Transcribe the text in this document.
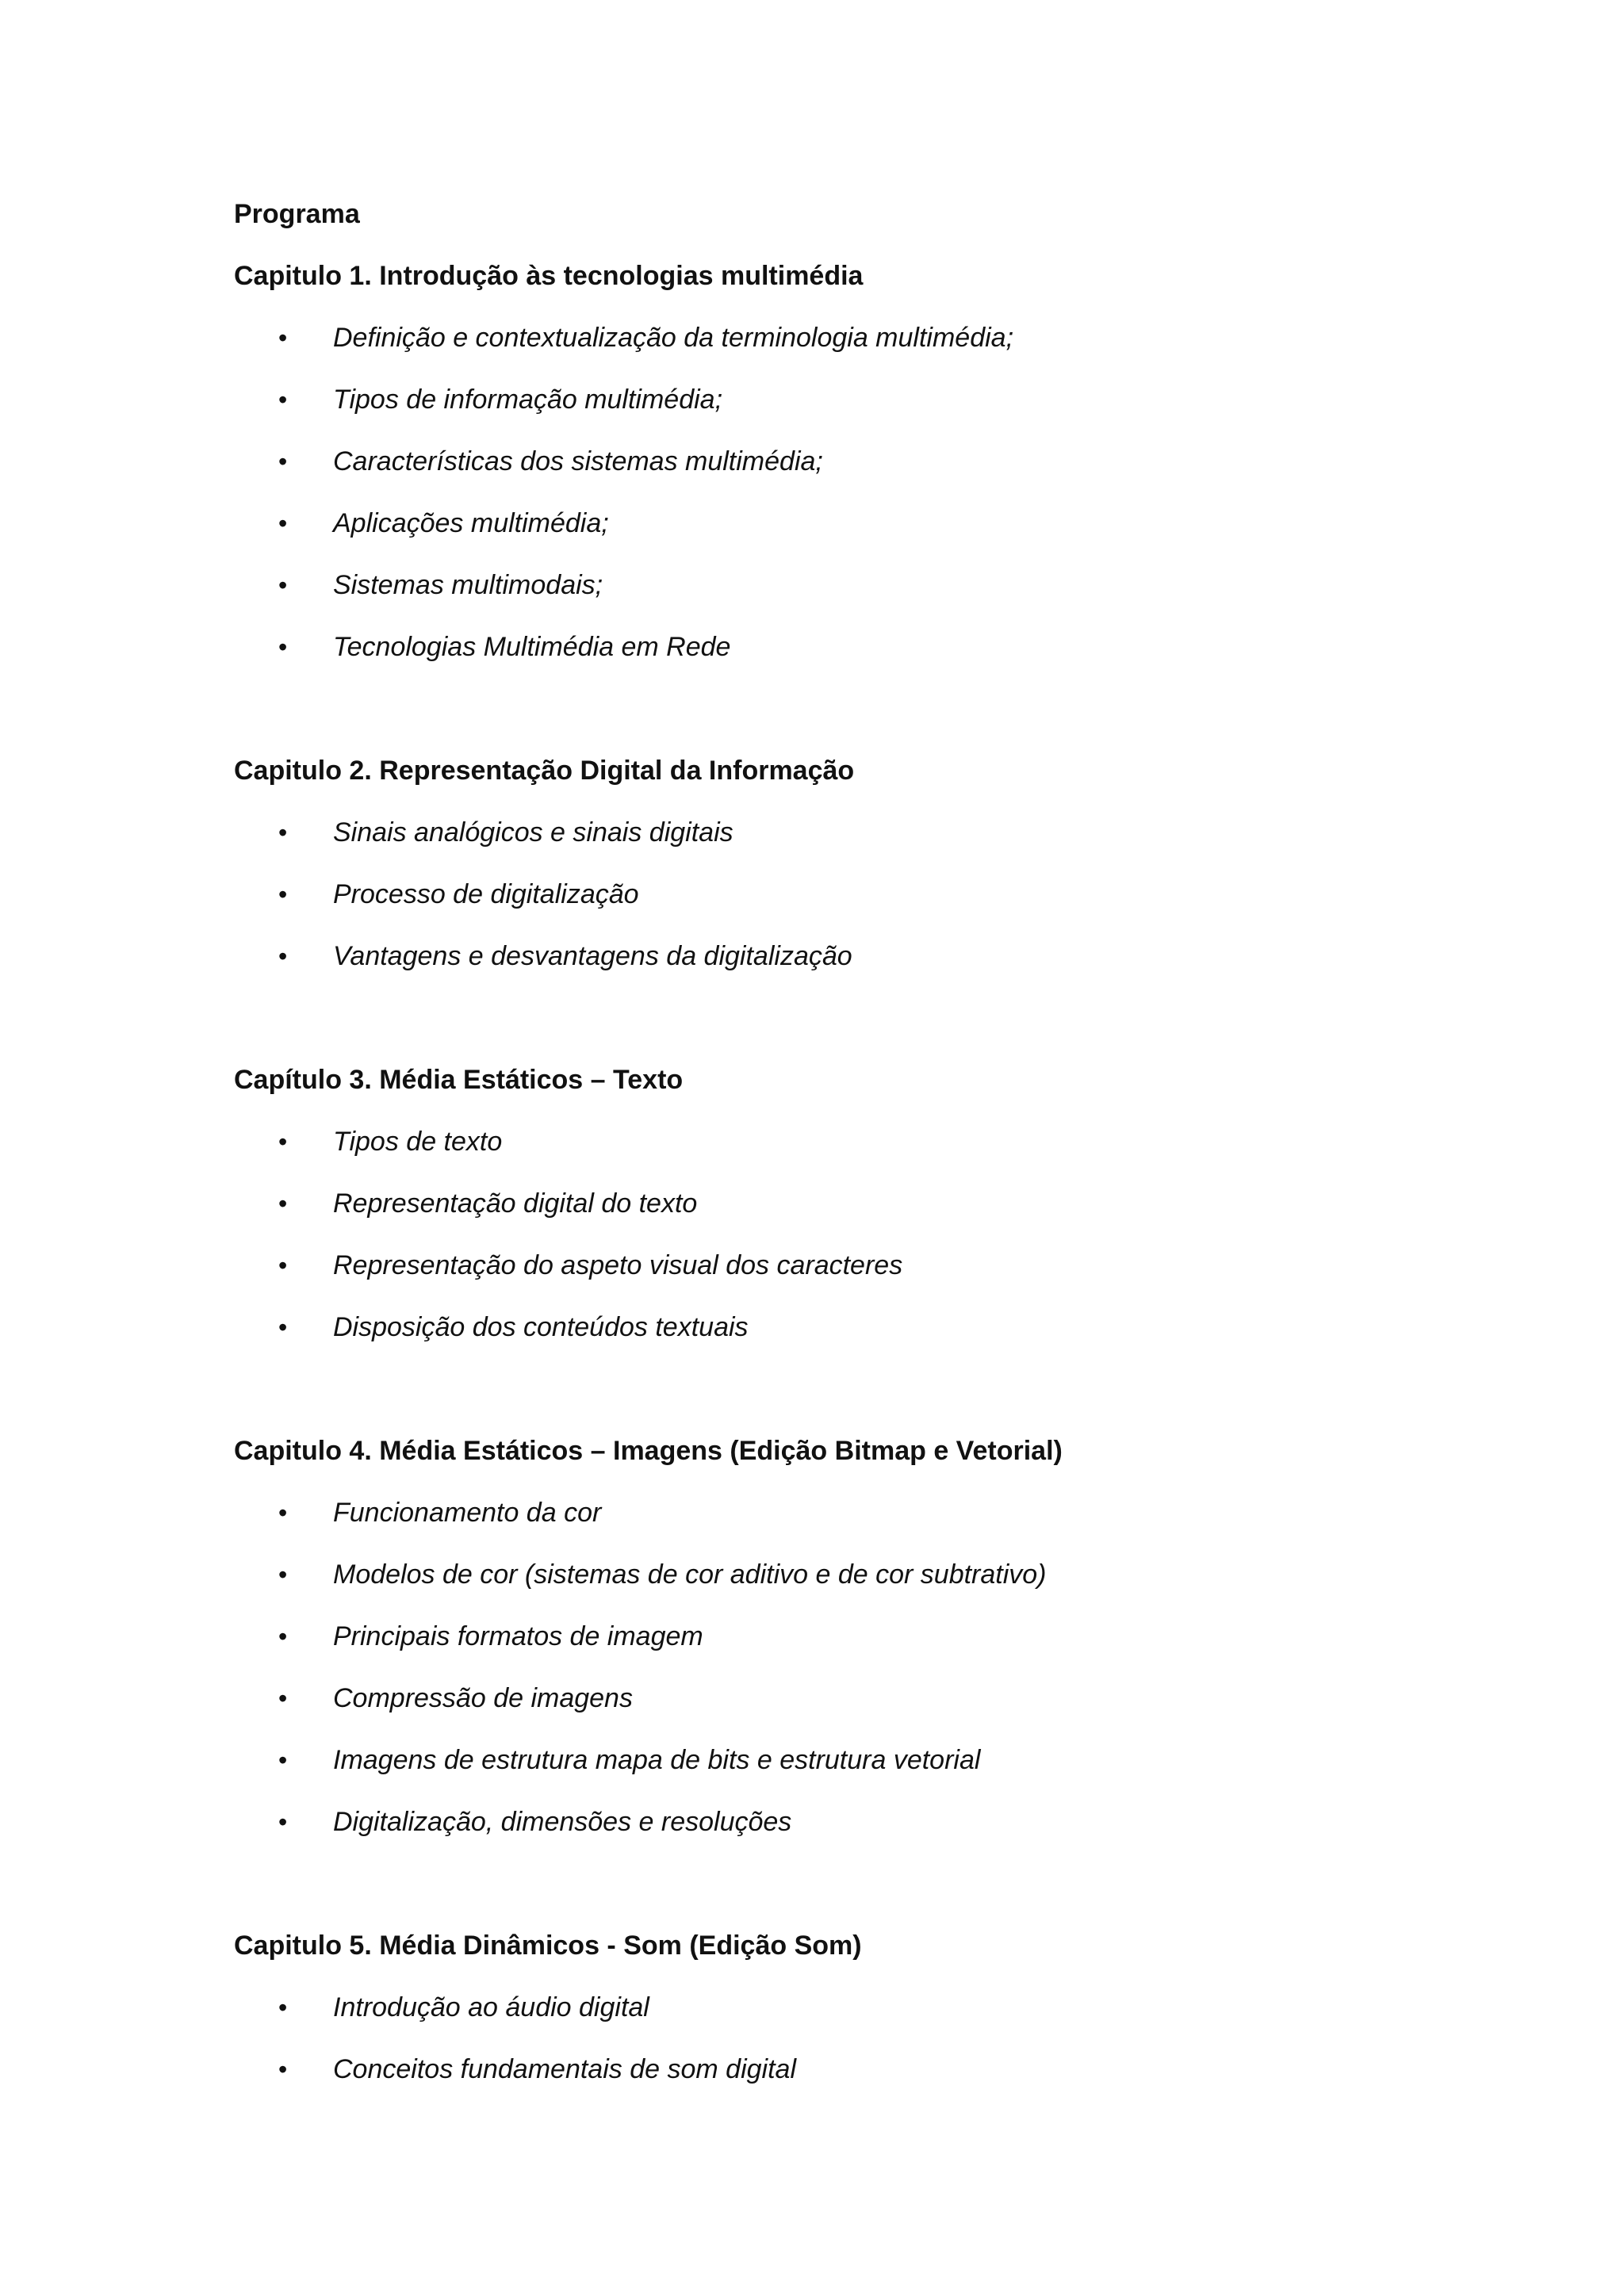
Programa
Capitulo 1. Introdução às tecnologias multimédia
• Definição e contextualização da terminologia multimédia;
• Tipos de informação multimédia;
• Características dos sistemas multimédia;
• Aplicações multimédia;
• Sistemas multimodais;
• Tecnologias Multimédia em Rede
Capitulo 2. Representação Digital da Informação
• Sinais analógicos e sinais digitais
• Processo de digitalização
• Vantagens e desvantagens da digitalização
Capítulo 3. Média Estáticos – Texto
• Tipos de texto
• Representação digital do texto
• Representação do aspeto visual dos caracteres
• Disposição dos conteúdos textuais
Capitulo 4. Média Estáticos – Imagens (Edição Bitmap e Vetorial)
• Funcionamento da cor
• Modelos de cor (sistemas de cor aditivo e de cor subtrativo)
• Principais formatos de imagem
• Compressão de imagens
• Imagens de estrutura mapa de bits e estrutura vetorial
• Digitalização, dimensões e resoluções
Capitulo 5. Média Dinâmicos - Som (Edição Som)
• Introdução ao áudio digital
• Conceitos fundamentais de som digital
